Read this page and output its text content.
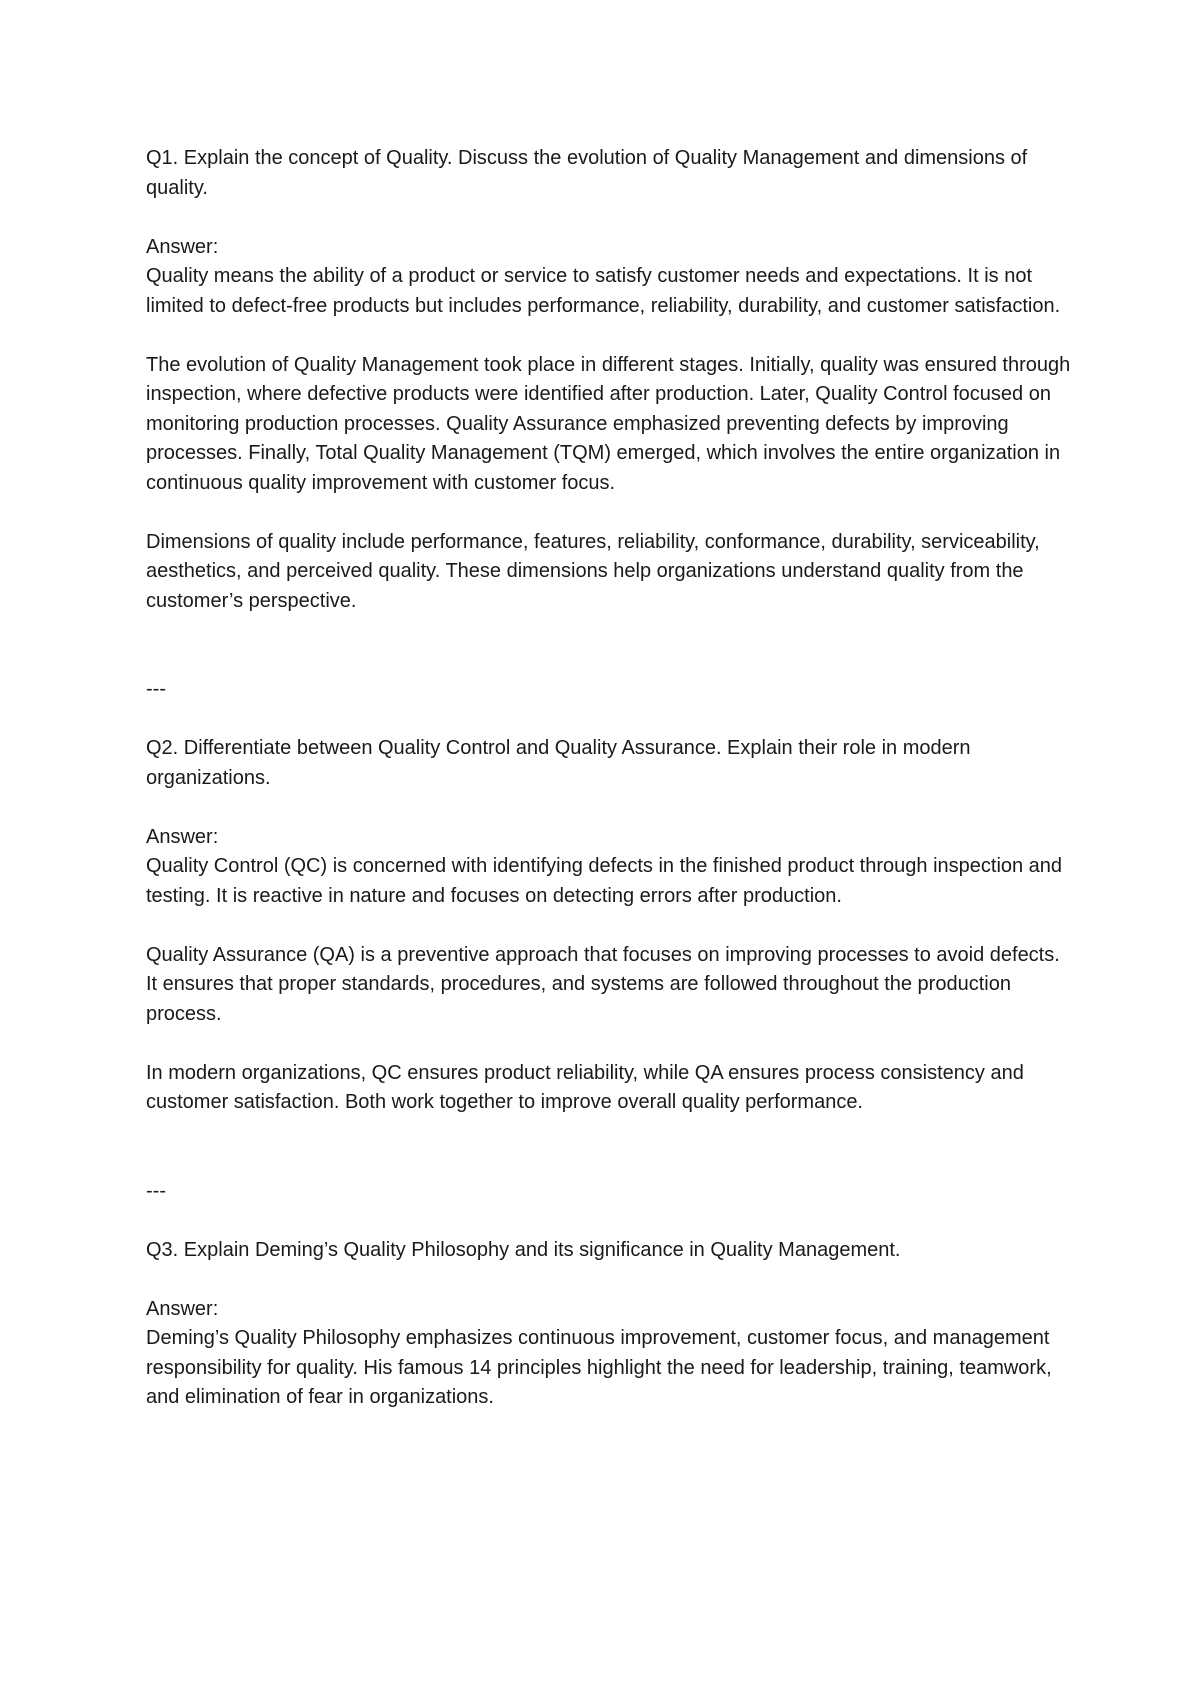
Q1. Explain the concept of Quality. Discuss the evolution of Quality Management and dimensions of quality.

Answer:

Quality means the ability of a product or service to satisfy customer needs and expectations. It is not limited to defect-free products but includes performance, reliability, durability, and customer satisfaction.

The evolution of Quality Management took place in different stages. Initially, quality was ensured through inspection, where defective products were identified after production. Later, Quality Control focused on monitoring production processes. Quality Assurance emphasized preventing defects by improving processes. Finally, Total Quality Management (TQM) emerged, which involves the entire organization in continuous quality improvement with customer focus.

Dimensions of quality include performance, features, reliability, conformance, durability, serviceability, aesthetics, and perceived quality. These dimensions help organizations understand quality from the customer’s perspective.

---

Q2. Differentiate between Quality Control and Quality Assurance. Explain their role in modern organizations.

Answer:

Quality Control (QC) is concerned with identifying defects in the finished product through inspection and testing. It is reactive in nature and focuses on detecting errors after production.

Quality Assurance (QA) is a preventive approach that focuses on improving processes to avoid defects. It ensures that proper standards, procedures, and systems are followed throughout the production process.

In modern organizations, QC ensures product reliability, while QA ensures process consistency and customer satisfaction. Both work together to improve overall quality performance.

---

Q3. Explain Deming’s Quality Philosophy and its significance in Quality Management.

Answer:

Deming’s Quality Philosophy emphasizes continuous improvement, customer focus, and management responsibility for quality. His famous 14 principles highlight the need for leadership, training, teamwork, and elimination of fear in organizations.
